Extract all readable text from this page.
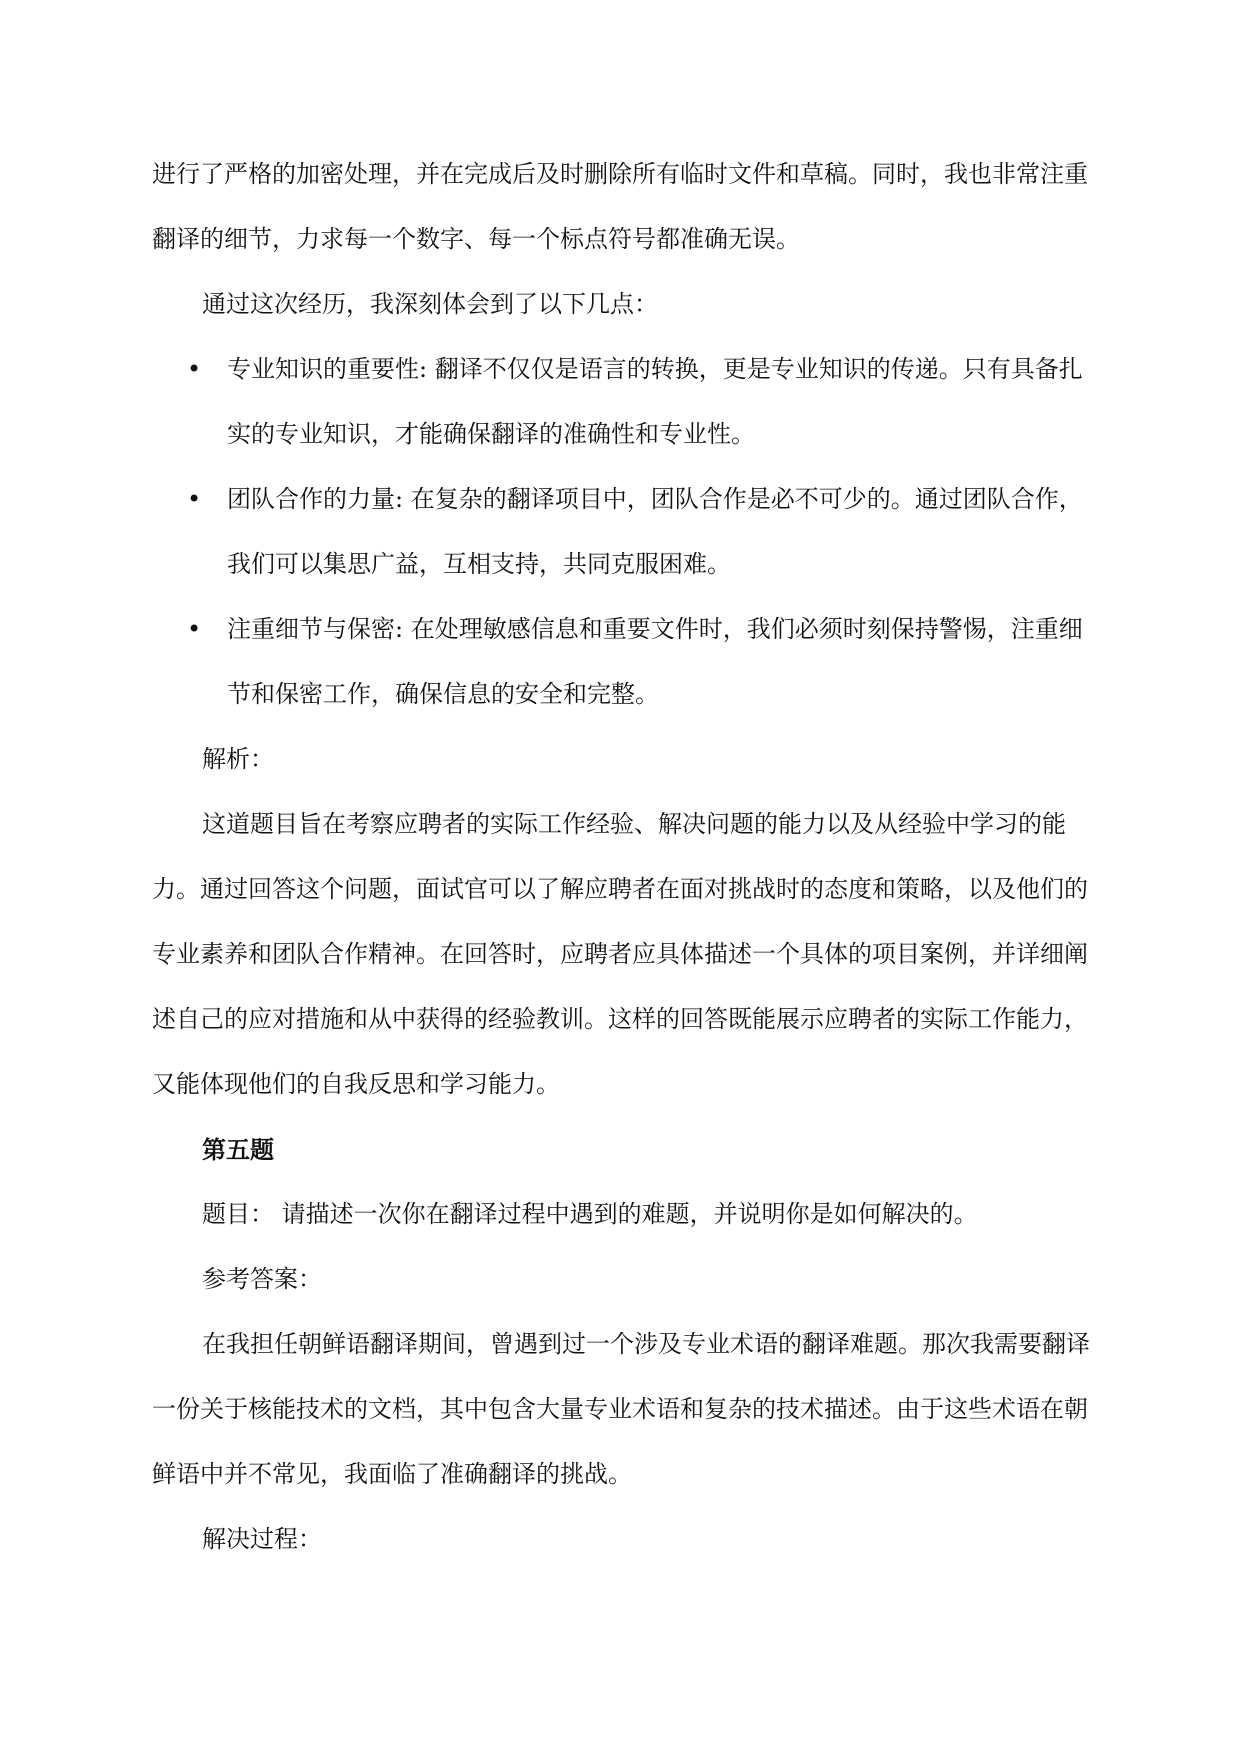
进行了严格的加密处理，并在完成后及时删除所有临时文件和草稿。同时，我也非常注重翻译的细节，力求每一个数字、每一个标点符号都准确无误。

通过这次经历，我深刻体会到了以下几点：

• 专业知识的重要性: 翻译不仅仅是语言的转换，更是专业知识的传递。只有具备扎实的专业知识，才能确保翻译的准确性和专业性。
• 团队合作的力量: 在复杂的翻译项目中，团队合作是必不可少的。通过团队合作，我们可以集思广益，互相支持，共同克服困难。
• 注重细节与保密: 在处理敏感信息和重要文件时，我们必须时刻保持警惕，注重细节和保密工作，确保信息的安全和完整。

解析：

这道题目旨在考察应聘者的实际工作经验、解决问题的能力以及从经验中学习的能力。通过回答这个问题，面试官可以了解应聘者在面对挑战时的态度和策略，以及他们的专业素养和团队合作精神。在回答时，应聘者应具体描述一个具体的项目案例，并详细阐述自己的应对措施和从中获得的经验教训。这样的回答既能展示应聘者的实际工作能力，又能体现他们的自我反思和学习能力。

第五题

题目： 请描述一次你在翻译过程中遇到的难题，并说明你是如何解决的。

参考答案：

在我担任朝鲜语翻译期间，曾遇到过一个涉及专业术语的翻译难题。那次我需要翻译一份关于核能技术的文档，其中包含大量专业术语和复杂的技术描述。由于这些术语在朝鲜语中并不常见，我面临了准确翻译的挑战。

解决过程：
